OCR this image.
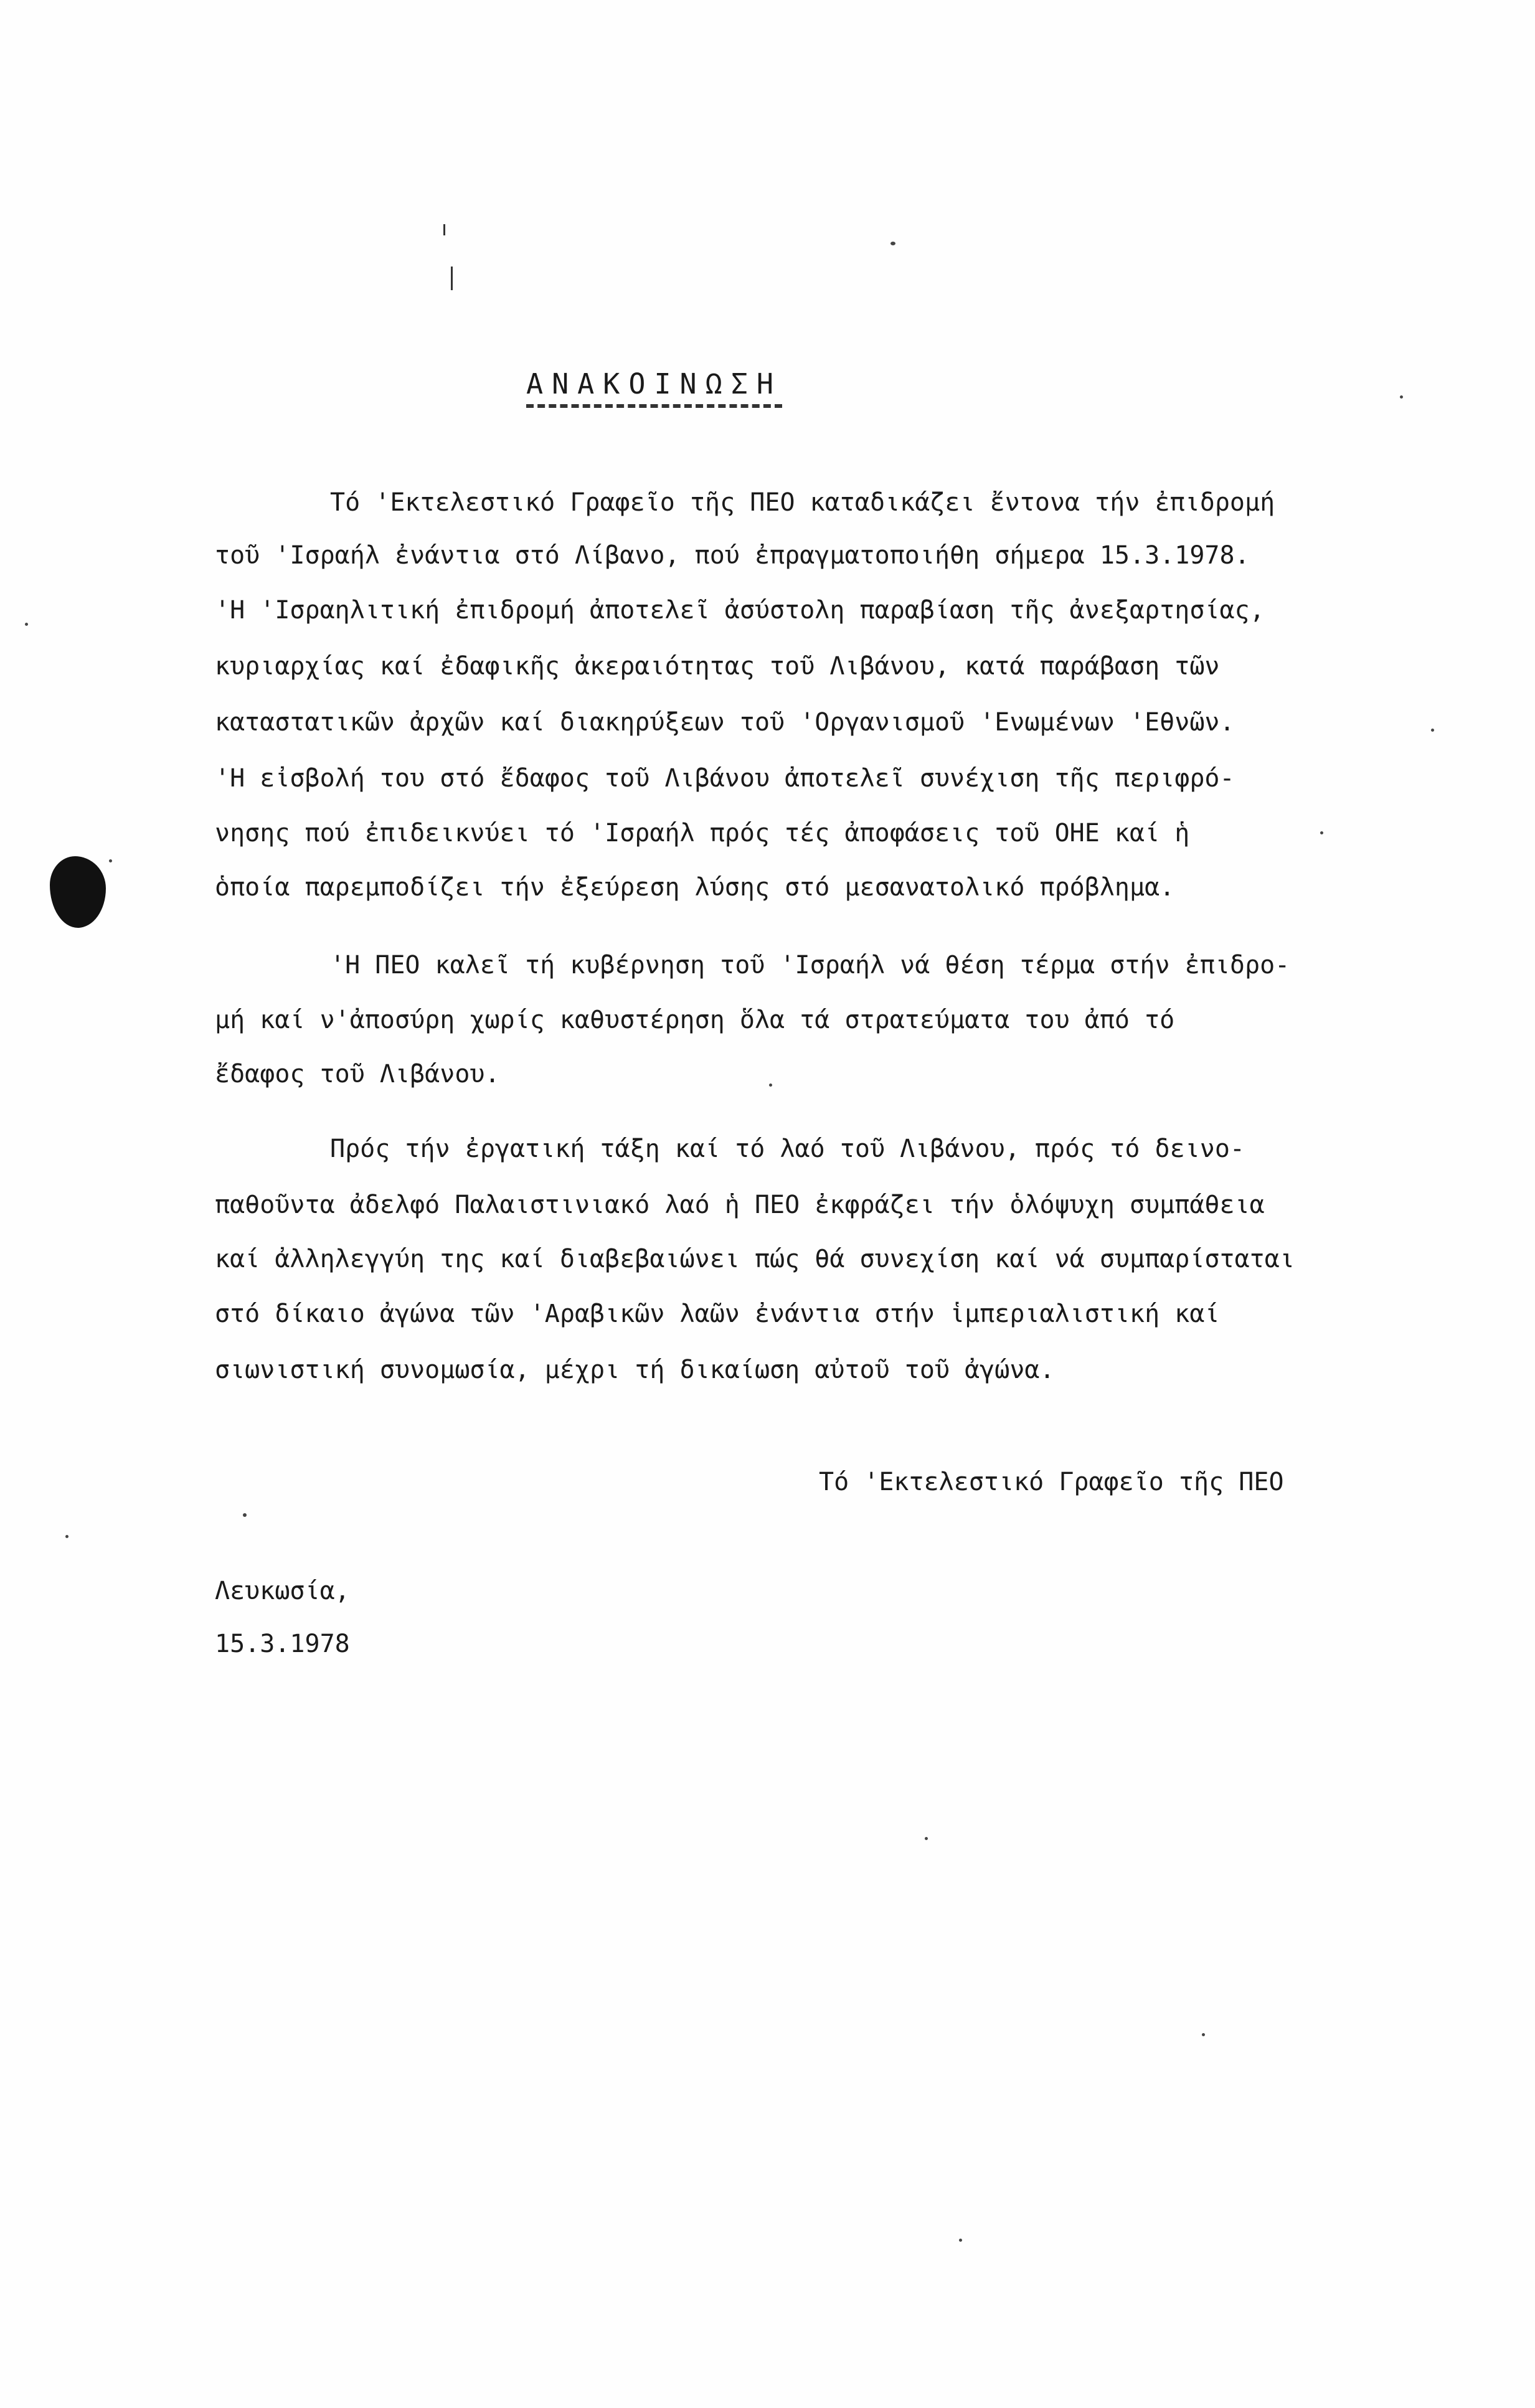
ΑΝΑΚΟΙΝΩΣΗ
Τό 'Εκτελεστικό Γραφεῖο τῆς ΠΕΟ καταδικάζει ἔντονα τήν ἐπιδρομή
τοῦ 'Ισραήλ ἐνάντια στό Λίβανο, πού ἐπραγματοποιήθη σήμερα 15.3.1978.
'Η 'Ισραηλιτική ἐπιδρομή ἀποτελεῖ ἀσύστολη παραβίαση τῆς ἀνεξαρτησίας,
κυριαρχίας καί ἐδαφικῆς ἀκεραιότητας τοῦ Λιβάνου, κατά παράβαση τῶν
καταστατικῶν ἀρχῶν καί διακηρύξεων τοῦ 'Οργανισμοῦ 'Ενωμένων 'Εθνῶν.
'Η εἰσβολή του στό ἔδαφος τοῦ Λιβάνου ἀποτελεῖ συνέχιση τῆς περιφρό-
νησης πού ἐπιδεικνύει τό 'Ισραήλ πρός τές ἀποφάσεις τοῦ ΟΗΕ καί ἡ
ὁποία παρεμποδίζει τήν ἐξεύρεση λύσης στό μεσανατολικό πρόβλημα.
'Η ΠΕΟ καλεῖ τή κυβέρνηση τοῦ 'Ισραήλ νά θέση τέρμα στήν ἐπιδρο-
μή καί ν'ἀποσύρη χωρίς καθυστέρηση ὅλα τά στρατεύματα του ἀπό τό
ἔδαφος τοῦ Λιβάνου.
Πρός τήν ἐργατική τάξη καί τό λαό τοῦ Λιβάνου, πρός τό δεινο-
παθοῦντα ἀδελφό Παλαιστινιακό λαό ἡ ΠΕΟ ἐκφράζει τήν ὁλόψυχη συμπάθεια
καί ἀλληλεγγύη της καί διαβεβαιώνει πώς θά συνεχίση καί νά συμπαρίσταται
στό δίκαιο ἀγώνα τῶν 'Αραβικῶν λαῶν ἐνάντια στήν ἱμπεριαλιστική καί
σιωνιστική συνομωσία, μέχρι τή δικαίωση αὐτοῦ τοῦ ἀγώνα.
Τό 'Εκτελεστικό Γραφεῖο τῆς ΠΕΟ
Λευκωσία,
15.3.1978
